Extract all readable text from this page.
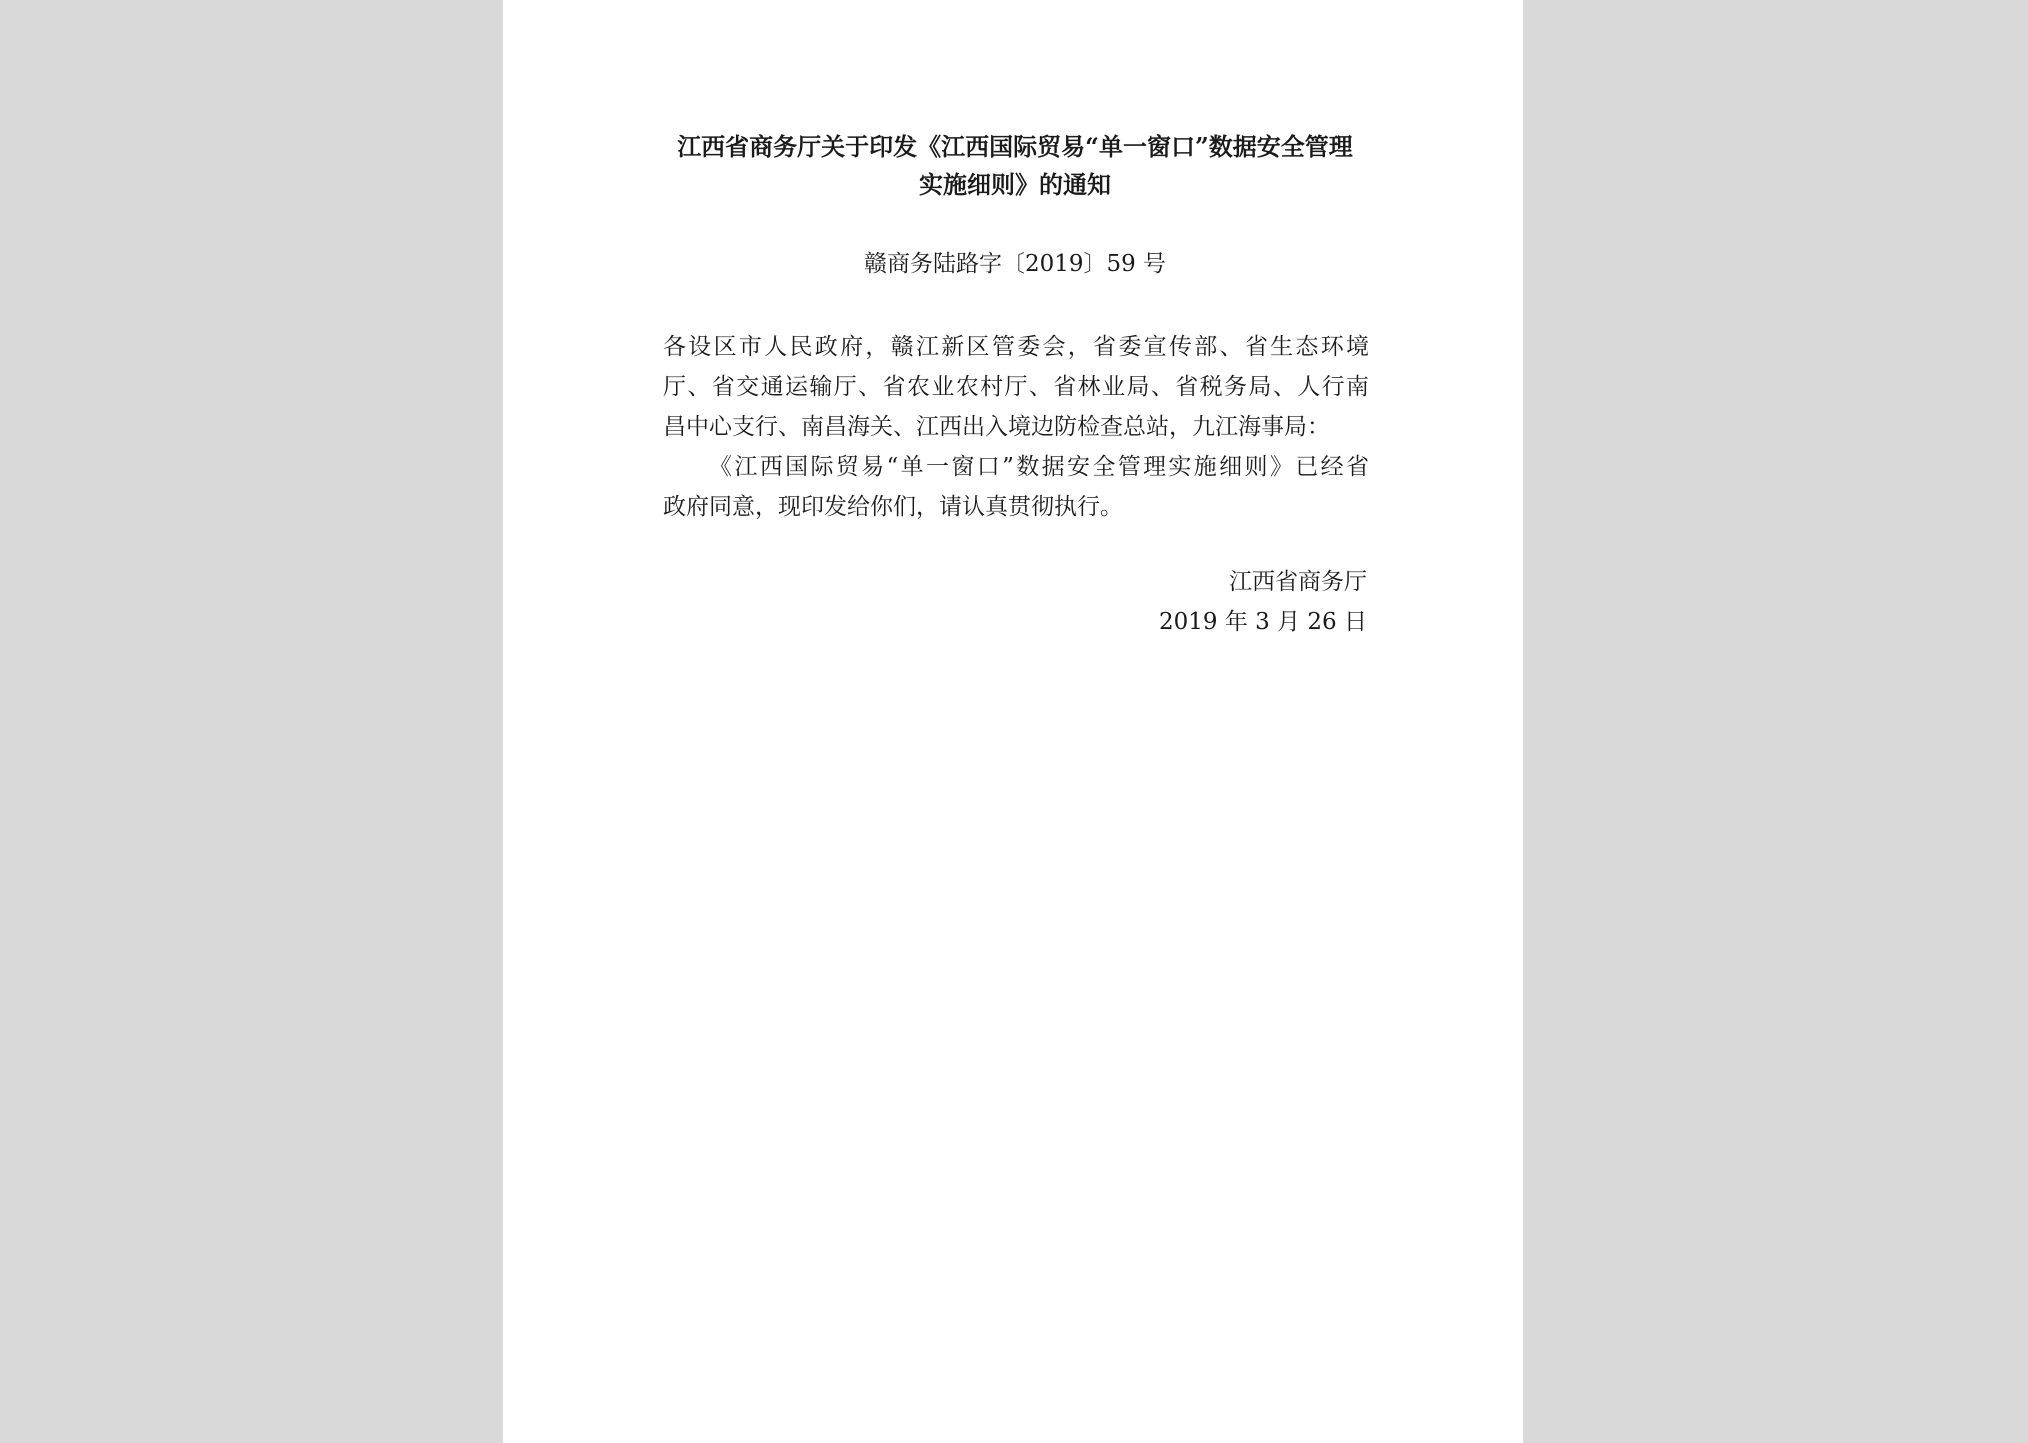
江西省商务厅关于印发《江西国际贸易“单一窗口”数据安全管理
实施细则》的通知
赣商务陆路字〔2019〕59 号
各设区市人民政府，赣江新区管委会，省委宣传部、省生态环境
厅、省交通运输厅、省农业农村厅、省林业局、省税务局、人行南
昌中心支行、南昌海关、江西出入境边防检查总站，九江海事局：
《江西国际贸易“单一窗口”数据安全管理实施细则》已经省
政府同意，现印发给你们，请认真贯彻执行。
江西省商务厅
2019 年 3 月 26 日
